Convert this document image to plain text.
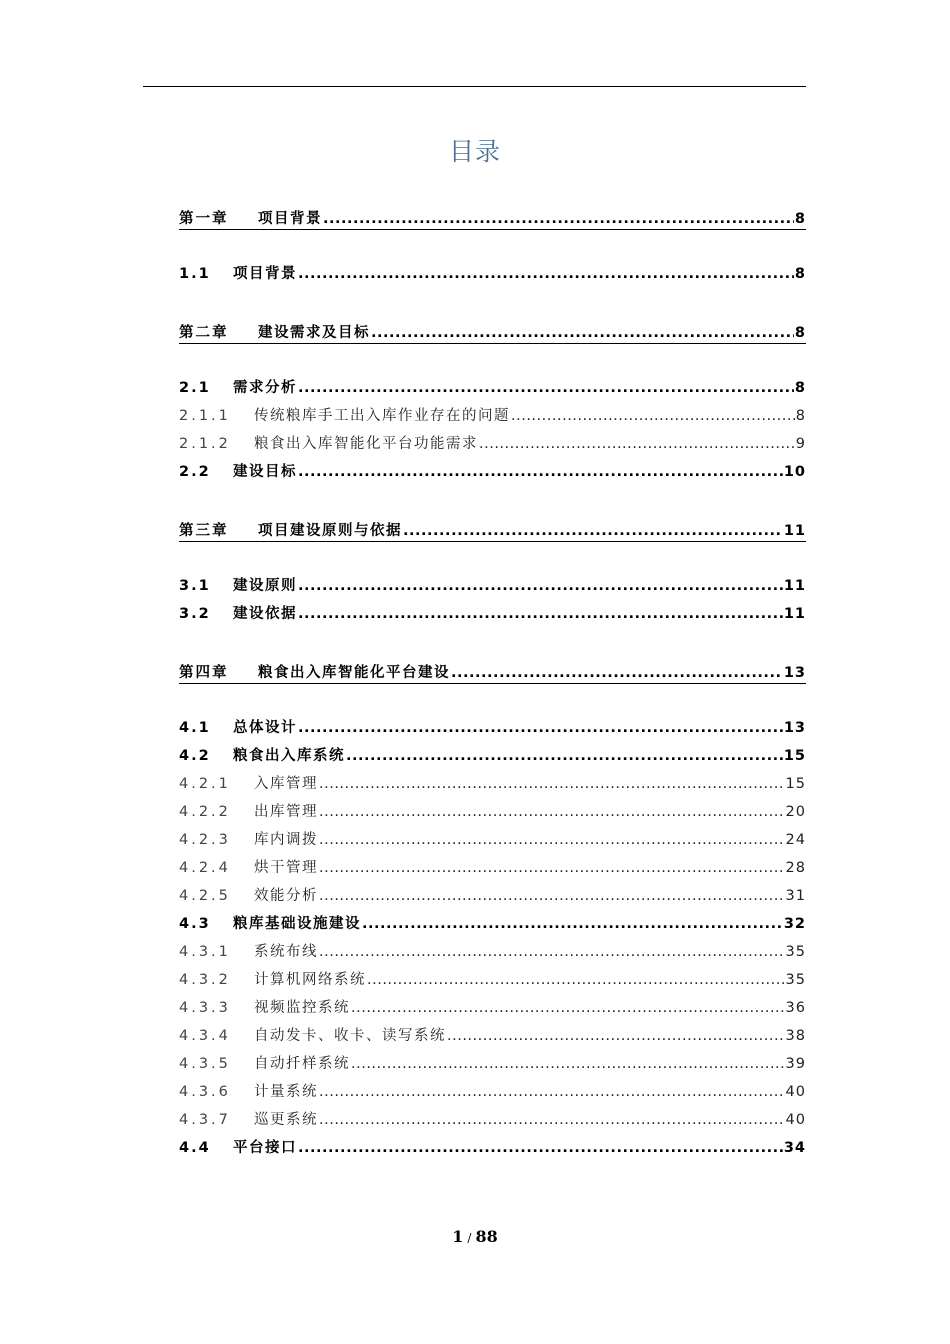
目录
第一章	项目背景 .....	8
1.1	项目背景 .....	8
第二章	建设需求及目标 .....	8
2.1	需求分析 .....	8
2.1.1	传统粮库手工出入库作业存在的问题 .....	8
2.1.2	粮食出入库智能化平台功能需求 .....	9
2.2	建设目标 .....	10
第三章	项目建设原则与依据 .....	11
3.1	建设原则 .....	11
3.2	建设依据 .....	11
第四章	粮食出入库智能化平台建设 .....	13
4.1	总体设计 .....	13
4.2	粮食出入库系统 .....	15
4.2.1	入库管理 .....	15
4.2.2	出库管理 .....	20
4.2.3	库内调拨 .....	24
4.2.4	烘干管理 .....	28
4.2.5	效能分析 .....	31
4.3	粮库基础设施建设 .....	32
4.3.1	系统布线 .....	35
4.3.2	计算机网络系统 .....	35
4.3.3	视频监控系统 .....	36
4.3.4	自动发卡、收卡、读写系统 .....	38
4.3.5	自动扦样系统 .....	39
4.3.6	计量系统 .....	40
4.3.7	巡更系统 .....	40
4.4	平台接口 .....	34
1 / 88
